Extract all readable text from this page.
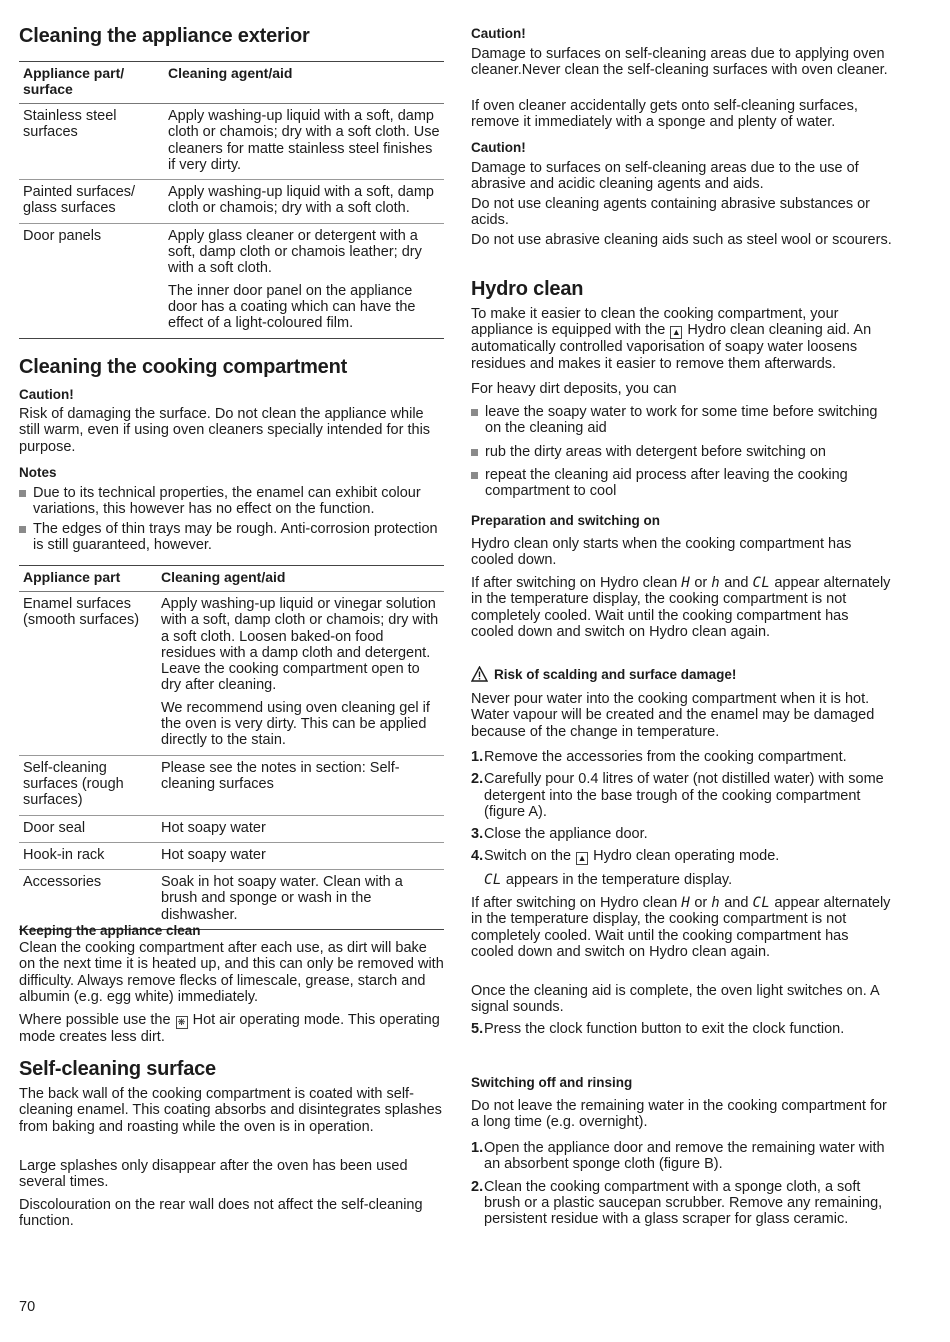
Cleaning the appliance exterior
Appliance part/ surface	Cleaning agent/aid
Stainless steel surfaces	Apply washing-up liquid with a soft, damp cloth or chamois; dry with a soft cloth. Use cleaners for matte stainless steel finishes if very dirty.

Painted surfaces/ glass surfaces	Apply washing-up liquid with a soft, damp cloth or chamois; dry with a soft cloth.

Door panels	Apply glass cleaner or detergent with a soft, damp cloth or chamois leather; dry with a soft cloth.

The inner door panel on the appliance door has a coating which can have the effect of a light-coloured film.

Cleaning the cooking compartment
Caution!

Risk of damaging the surface. Do not clean the appliance while still warm, even if using oven cleaners specially intended for this purpose.

Notes
Due to its technical properties, the enamel can exhibit colour variations, this however has no effect on the function.
The edges of thin trays may be rough. Anti-corrosion protection is still guaranteed, however.
Appliance part	Cleaning agent/aid
Enamel surfaces (smooth surfaces)	Apply washing-up liquid or vinegar solution with a soft, damp cloth or chamois; dry with a soft cloth. Loosen baked-on food residues with a damp cloth and detergent. Leave the cooking compartment open to dry after cleaning.

We recommend using oven cleaning gel if the oven is very dirty. This can be applied directly to the stain.

Self-cleaning surfaces (rough surfaces)	Please see the notes in section: Self-cleaning surfaces

Door seal	Hot soapy water

Hook-in rack	Hot soapy water

Accessories	Soak in hot soapy water. Clean with a brush and sponge or wash in the dishwasher.

Keeping the appliance clean

Clean the cooking compartment after each use, as dirt will bake on the next time it is heated up, and this can only be removed with difficulty. Always remove flecks of limescale, grease, starch and albumin (e.g. egg white) immediately.

Where possible use the ❋ Hot air operating mode. This operating mode creates less dirt.

Self-cleaning surface

The back wall of the cooking compartment is coated with self-cleaning enamel. This coating absorbs and disintegrates splashes from baking and roasting while the oven is in operation.

Large splashes only disappear after the oven has been used several times.

Discolouration on the rear wall does not affect the self-cleaning function.

70

Caution!

Damage to surfaces on self-cleaning areas due to applying oven cleaner.Never clean the self-cleaning surfaces with oven cleaner.

If oven cleaner accidentally gets onto self-cleaning surfaces, remove it immediately with a sponge and plenty of water.

Caution!

Damage to surfaces on self-cleaning areas due to the use of abrasive and acidic cleaning agents and aids.

Do not use cleaning agents containing abrasive substances or acids.

Do not use abrasive cleaning aids such as steel wool or scourers.

Hydro clean

To make it easier to clean the cooking compartment, your appliance is equipped with the ▲ Hydro clean cleaning aid. An automatically controlled vaporisation of soapy water loosens residues and makes it easier to remove them afterwards.

For heavy dirt deposits, you can

leave the soapy water to work for some time before switching on the cleaning aid
rub the dirty areas with detergent before switching on
repeat the cleaning aid process after leaving the cooking compartment to cool
Preparation and switching on

Hydro clean only starts when the cooking compartment has cooled down.

If after switching on Hydro clean H or h and CL appear alternately in the temperature display, the cooking compartment is not completely cooled. Wait until the cooking compartment has cooled down and switch on Hydro clean again.

Risk of scalding and surface damage!

Never pour water into the cooking compartment when it is hot. Water vapour will be created and the enamel may be damaged because of the change in temperature.

1. Remove the accessories from the cooking compartment.
2. Carefully pour 0.4 litres of water (not distilled water) with some detergent into the base trough of the cooking compartment (figure A).
3. Close the appliance door.
4. Switch on the ▲ Hydro clean operating mode.

CL appears in the temperature display.

If after switching on Hydro clean H or h and CL appear alternately in the temperature display, the cooking compartment is not completely cooled. Wait until the cooking compartment has cooled down and switch on Hydro clean again.

Once the cleaning aid is complete, the oven light switches on. A signal sounds.

5. Press the clock function button to exit the clock function.
Switching off and rinsing

Do not leave the remaining water in the cooking compartment for a long time (e.g. overnight).

1. Open the appliance door and remove the remaining water with an absorbent sponge cloth (figure B).
2. Clean the cooking compartment with a sponge cloth, a soft brush or a plastic saucepan scrubber. Remove any remaining, persistent residue with a glass scraper for glass ceramic.
